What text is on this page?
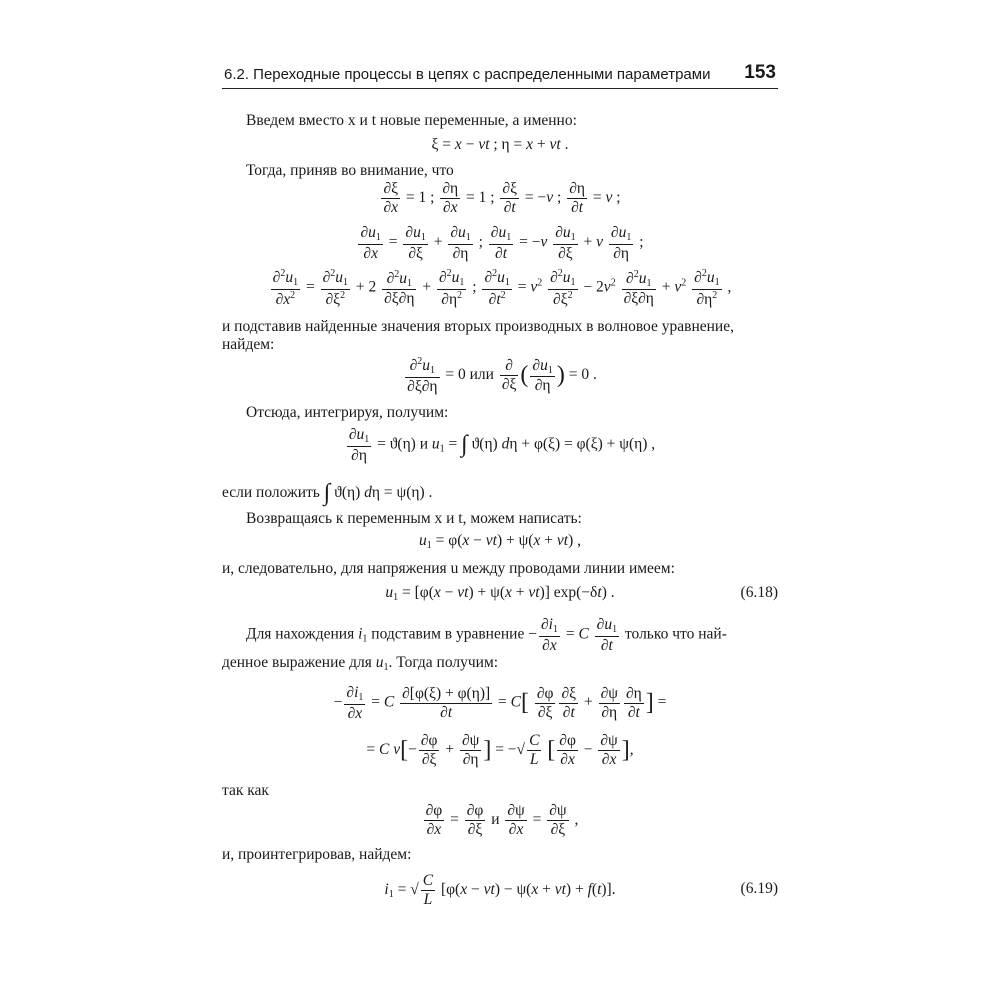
6.2. Переходные процессы в цепях с распределенными параметрами 153
Введем вместо x и t новые переменные, а именно:
ξ = x − vt ; η = x + vt .
Тогда, приняв во внимание, что
$\frac{\partial\xi}{\partial x} = 1$ ; $\frac{\partial\eta}{\partial x} = 1$ ; $\frac{\partial\xi}{\partial t} = -v$ ; $\frac{\partial\eta}{\partial t} = v$ ;
$\frac{\partial u_1}{\partial x} = \frac{\partial u_1}{\partial\xi} + \frac{\partial u_1}{\partial\eta}$ ; $\frac{\partial u_1}{\partial t} = -v \frac{\partial u_1}{\partial\xi} + v \frac{\partial u_1}{\partial\eta}$ ;
$\frac{\partial^2u_1}{\partial x^2} = \frac{\partial^2u_1}{\partial\xi^2} + 2 \frac{\partial^2u_1}{\partial\xi\partial\eta} + \frac{\partial^2u_1}{\partial\eta^2}$ ; $\frac{\partial^2u_1}{\partial t^2} = v^2 \frac{\partial^2u_1}{\partial\xi^2} - 2v^2 \frac{\partial^2u_1}{\partial\xi\partial\eta} + v^2 \frac{\partial^2u_1}{\partial\eta^2}$ ,
и подставив найденные значения вторых производных в волновое уравнение,
найдем:
$\frac{\partial^2u_1}{\partial\xi\partial\eta} = 0$ или $\frac{\partial}{\partial\xi}$ ( $\frac{\partial u_1}{\partial\eta}$ ) = 0 .
Отсюда, интегрируя, получим:
$\frac{\partial u_1}{\partial\eta} = ϑ(\eta)$ и $u_1$ = ∫ ϑ(η) dη + φ(ξ) = φ(ξ) + ψ(η) ,
если положить ∫ ϑ(η) dη = ψ(η) .
Возвращаясь к переменным x и t, можем написать:
$u_1 = \varphi(x - vt) + \psi(x + vt)$ ,
и, следовательно, для напряжения u между проводами линии имеем:
$u_1 = [\varphi(x - vt) + \psi(x + vt)]$ exp(−δt) .	(6.18)
Для нахождения $i_1$ подставим в уравнение − $\frac{\partial i_1}{\partial x} = C \frac{\partial u_1}{\partial t}$ только что най-
денное выражение для $u_1$. Тогда получим:
− $\frac{\partial i_1}{\partial x} = C \frac{\partial[\varphi(\xi) + \varphi(\eta)]}{\partial t} = C[ \frac{\partial\varphi}{\partial\xi} \frac{\partial\xi}{\partial t} + \frac{\partial\psi}{\partial\eta} \frac{\partial\eta}{\partial t}$ ] =
= C $v[- \frac{\partial\varphi}{\partial\xi} + \frac{\partial\psi}{\partial\eta}$ ] = −√ $\frac{C}{L}$ [ $\frac{\partial\varphi}{\partial x} - \frac{\partial\psi}{\partial x}$ ],
так как
$\frac{\partial\varphi}{\partial x} = \frac{\partial\varphi}{\partial\xi}$ и $\frac{\partial\psi}{\partial x} = \frac{\partial\psi}{\partial\xi}$ ,
и, проинтегрировав, найдем:
$i_1$ = √ $\frac{C}{L} [\varphi(x - vt) - \psi(x + vt) + f(t)]$.	(6.19)
